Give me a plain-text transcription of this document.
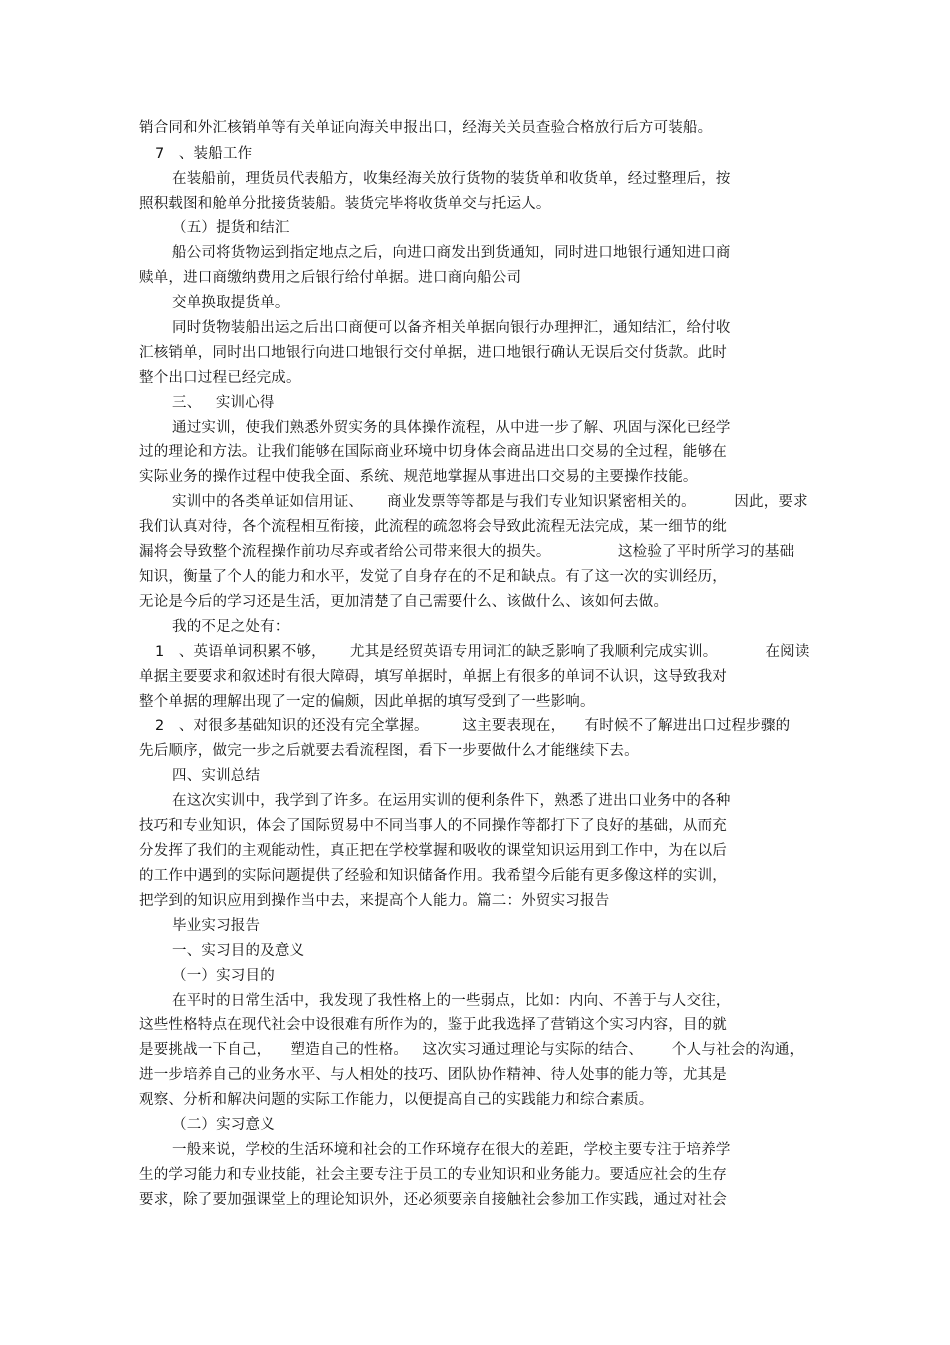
销合同和外汇核销单等有关单证向海关申报出口，经海关关员查验合格放行后方可装船。
7   、装船工作
在装船前，理货员代表船方，收集经海关放行货物的装货单和收货单，经过整理后，按
照积载图和舱单分批接货装船。装货完毕将收货单交与托运人。
（五）提货和结汇
船公司将货物运到指定地点之后，向进口商发出到货通知，同时进口地银行通知进口商
赎单，进口商缴纳费用之后银行给付单据。进口商向船公司
交单换取提货单。
同时货物装船出运之后出口商便可以备齐相关单据向银行办理押汇，通知结汇，给付收
汇核销单，同时出口地银行向进口地银行交付单据，进口地银行确认无误后交付货款。此时
整个出口过程已经完成。
三、   实训心得
通过实训，使我们熟悉外贸实务的具体操作流程，从中进一步了解、巩固与深化已经学
过的理论和方法。让我们能够在国际商业环境中切身体会商品进出口交易的全过程，能够在
实际业务的操作过程中使我全面、系统、规范地掌握从事进出口交易的主要操作技能。
实训中的各类单证如信用证、     商业发票等等都是与我们专业知识紧密相关的。        因此，要求
我们认真对待，各个流程相互衔接，此流程的疏忽将会导致此流程无法完成，某一细节的纰
漏将会导致整个流程操作前功尽弃或者给公司带来很大的损失。              这检验了平时所学习的基础
知识，衡量了个人的能力和水平，发觉了自身存在的不足和缺点。有了这一次的实训经历，
无论是今后的学习还是生活，更加清楚了自己需要什么、该做什么、该如何去做。
我的不足之处有：
1   、英语单词积累不够，     尤其是经贸英语专用词汇的缺乏影响了我顺利完成实训。          在阅读
单据主要要求和叙述时有很大障碍，填写单据时，单据上有很多的单词不认识，这导致我对
整个单据的理解出现了一定的偏颇，因此单据的填写受到了一些影响。
2   、对很多基础知识的还没有完全掌握。       这主要表现在，    有时候不了解进出口过程步骤的
先后顺序，做完一步之后就要去看流程图，看下一步要做什么才能继续下去。
四、实训总结
在这次实训中，我学到了许多。在运用实训的便利条件下，熟悉了进出口业务中的各种
技巧和专业知识，体会了国际贸易中不同当事人的不同操作等都打下了良好的基础，从而充
分发挥了我们的主观能动性，真正把在学校掌握和吸收的课堂知识运用到工作中，为在以后
的工作中遇到的实际问题提供了经验和知识储备作用。我希望今后能有更多像这样的实训，
把学到的知识应用到操作当中去，来提高个人能力。篇二：外贸实习报告
毕业实习报告
一、实习目的及意义
（一）实习目的
在平时的日常生活中，我发现了我性格上的一些弱点，比如：内向、不善于与人交往，
这些性格特点在现代社会中设很难有所作为的，鉴于此我选择了营销这个实习内容，目的就
是要挑战一下自己，    塑造自己的性格。   这次实习通过理论与实际的结合、      个人与社会的沟通，
进一步培养自己的业务水平、与人相处的技巧、团队协作精神、待人处事的能力等，尤其是
观察、分析和解决问题的实际工作能力，以便提高自己的实践能力和综合素质。
（二）实习意义
一般来说，学校的生活环境和社会的工作环境存在很大的差距，学校主要专注于培养学
生的学习能力和专业技能，社会主要专注于员工的专业知识和业务能力。要适应社会的生存
要求，除了要加强课堂上的理论知识外，还必须要亲自接触社会参加工作实践，通过对社会
